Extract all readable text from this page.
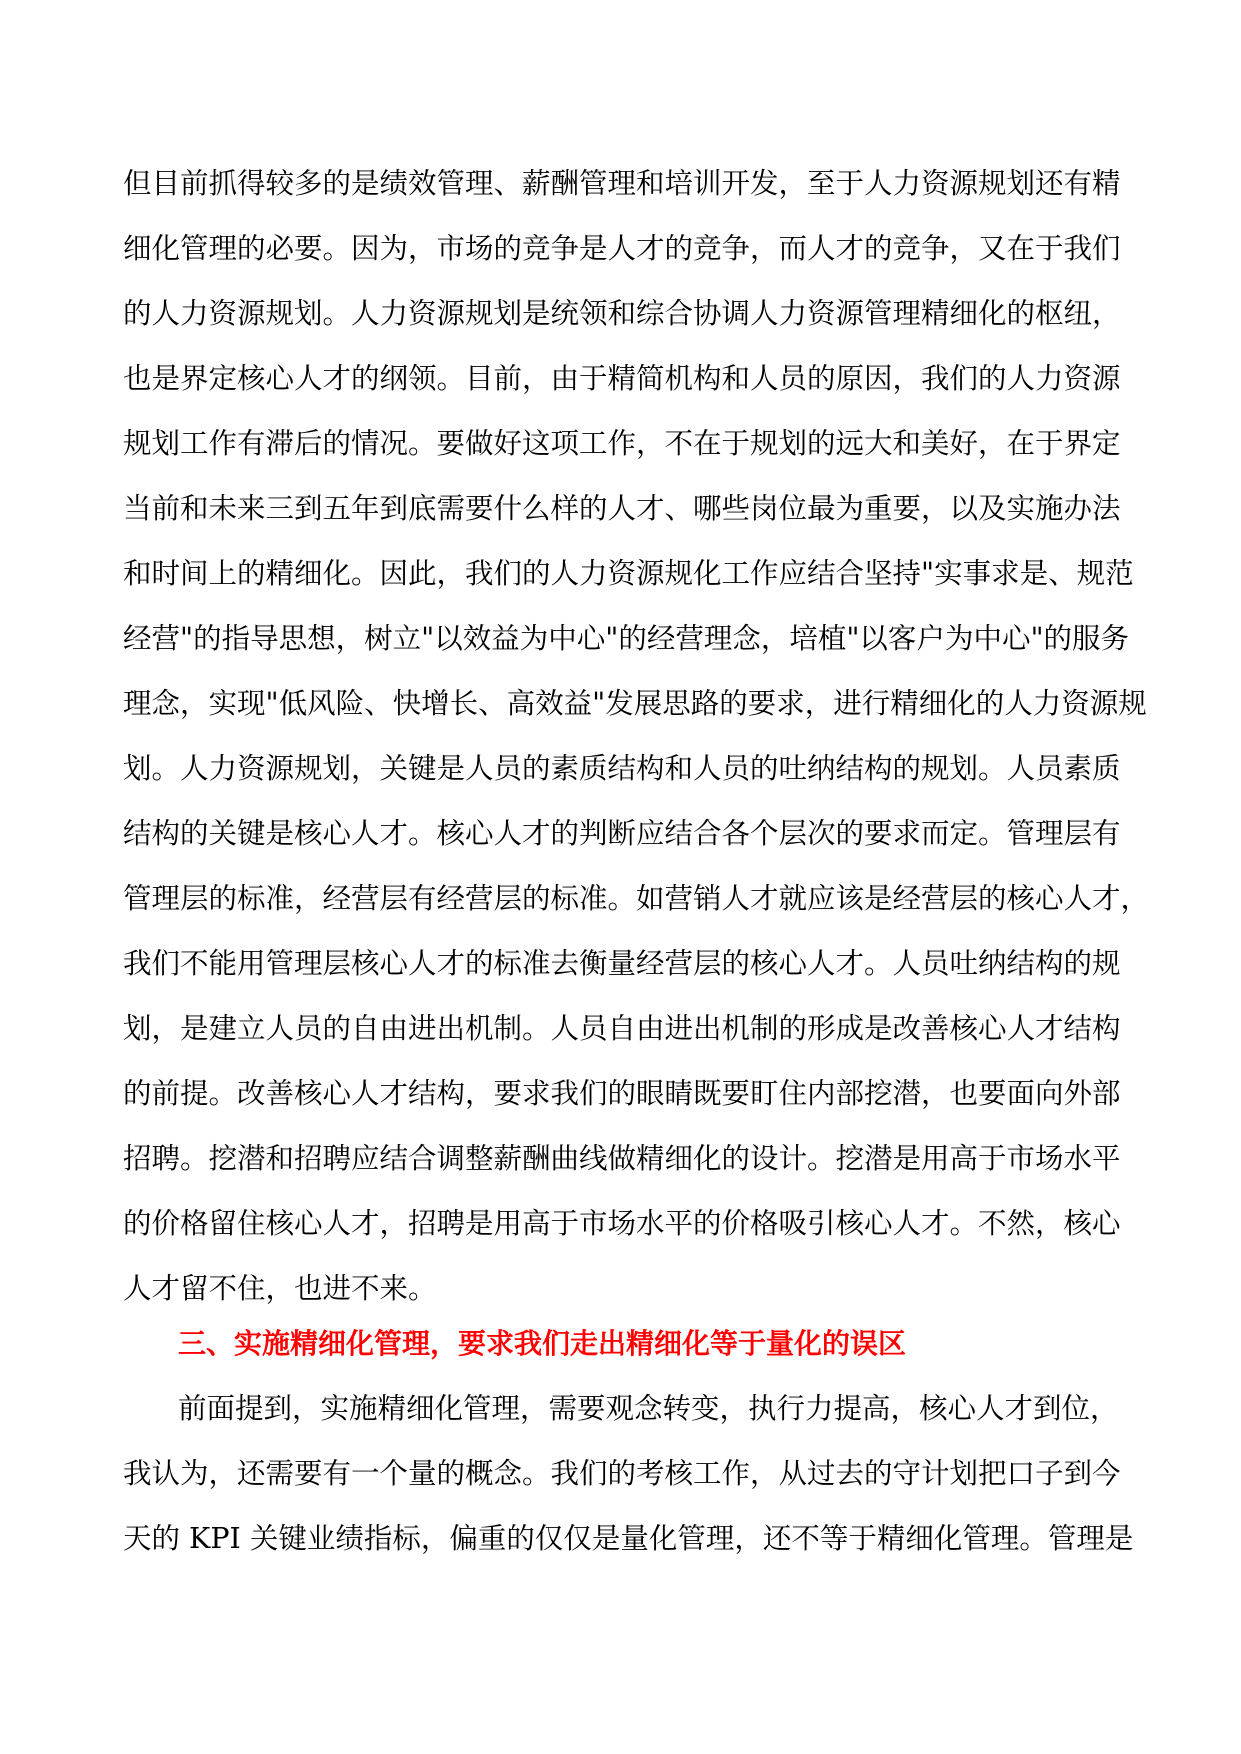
但目前抓得较多的是绩效管理、薪酬管理和培训开发，至于人力资源规划还有精
细化管理的必要。因为，市场的竞争是人才的竞争，而人才的竞争，又在于我们
的人力资源规划。人力资源规划是统领和综合协调人力资源管理精细化的枢纽，
也是界定核心人才的纲领。目前，由于精简机构和人员的原因，我们的人力资源
规划工作有滞后的情况。要做好这项工作，不在于规划的远大和美好，在于界定
当前和未来三到五年到底需要什么样的人才、哪些岗位最为重要，以及实施办法
和时间上的精细化。因此，我们的人力资源规化工作应结合坚持"实事求是、规范
经营"的指导思想，树立"以效益为中心"的经营理念，培植"以客户为中心"的服务
理念，实现"低风险、快增长、高效益"发展思路的要求，进行精细化的人力资源规
划。人力资源规划，关键是人员的素质结构和人员的吐纳结构的规划。人员素质
结构的关键是核心人才。核心人才的判断应结合各个层次的要求而定。管理层有
管理层的标准，经营层有经营层的标准。如营销人才就应该是经营层的核心人才，
我们不能用管理层核心人才的标准去衡量经营层的核心人才。人员吐纳结构的规
划，是建立人员的自由进出机制。人员自由进出机制的形成是改善核心人才结构
的前提。改善核心人才结构，要求我们的眼睛既要盯住内部挖潜，也要面向外部
招聘。挖潜和招聘应结合调整薪酬曲线做精细化的设计。挖潜是用高于市场水平
的价格留住核心人才，招聘是用高于市场水平的价格吸引核心人才。不然，核心
人才留不住，也进不来。
三、实施精细化管理，要求我们走出精细化等于量化的误区
前面提到，实施精细化管理，需要观念转变，执行力提高，核心人才到位，
我认为，还需要有一个量的概念。我们的考核工作，从过去的守计划把口子到今
天的 KPI 关键业绩指标，偏重的仅仅是量化管理，还不等于精细化管理。管理是
